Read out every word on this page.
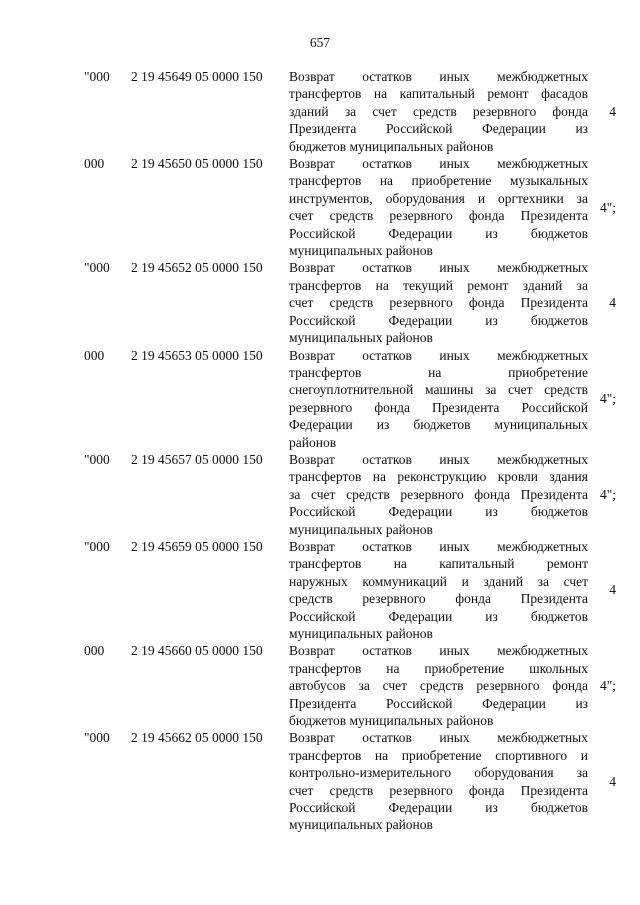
657
"000 2 19 45649 05 0000 150 Возврат остатков иных межбюджетных
трансфертов на капитальный ремонт фасадов
зданий за счет средств резервного фонда
Президента Российской Федерации из
бюджетов муниципальных районов
4
000 2 19 45650 05 0000 150 Возврат остатков иных межбюджетных
трансфертов на приобретение музыкальных
инструментов, оборудования и оргтехники за
счет средств резервного фонда Президента
Российской Федерации из бюджетов
муниципальных районов
4";
"000 2 19 45652 05 0000 150 Возврат остатков иных межбюджетных
трансфертов на текущий ремонт зданий за
счет средств резервного фонда Президента
Российской Федерации из бюджетов
муниципальных районов
4
000 2 19 45653 05 0000 150 Возврат остатков иных межбюджетных
трансфертов на приобретение
снегоуплотнительной машины за счет средств
резервного фонда Президента Российской
Федерации из бюджетов муниципальных
районов
4";
"000 2 19 45657 05 0000 150 Возврат остатков иных межбюджетных
трансфертов на реконструкцию кровли здания
за счет средств резервного фонда Президента
Российской Федерации из бюджетов
муниципальных районов
4";
"000 2 19 45659 05 0000 150 Возврат остатков иных межбюджетных
трансфертов на капитальный ремонт
наружных коммуникаций и зданий за счет
средств резервного фонда Президента
Российской Федерации из бюджетов
муниципальных районов
4
000 2 19 45660 05 0000 150 Возврат остатков иных межбюджетных
трансфертов на приобретение школьных
автобусов за счет средств резервного фонда
Президента Российской Федерации из
бюджетов муниципальных районов
4";
"000 2 19 45662 05 0000 150 Возврат остатков иных межбюджетных
трансфертов на приобретение спортивного и
контрольно-измерительного оборудования за
счет средств резервного фонда Президента
Российской Федерации из бюджетов
муниципальных районов
4
